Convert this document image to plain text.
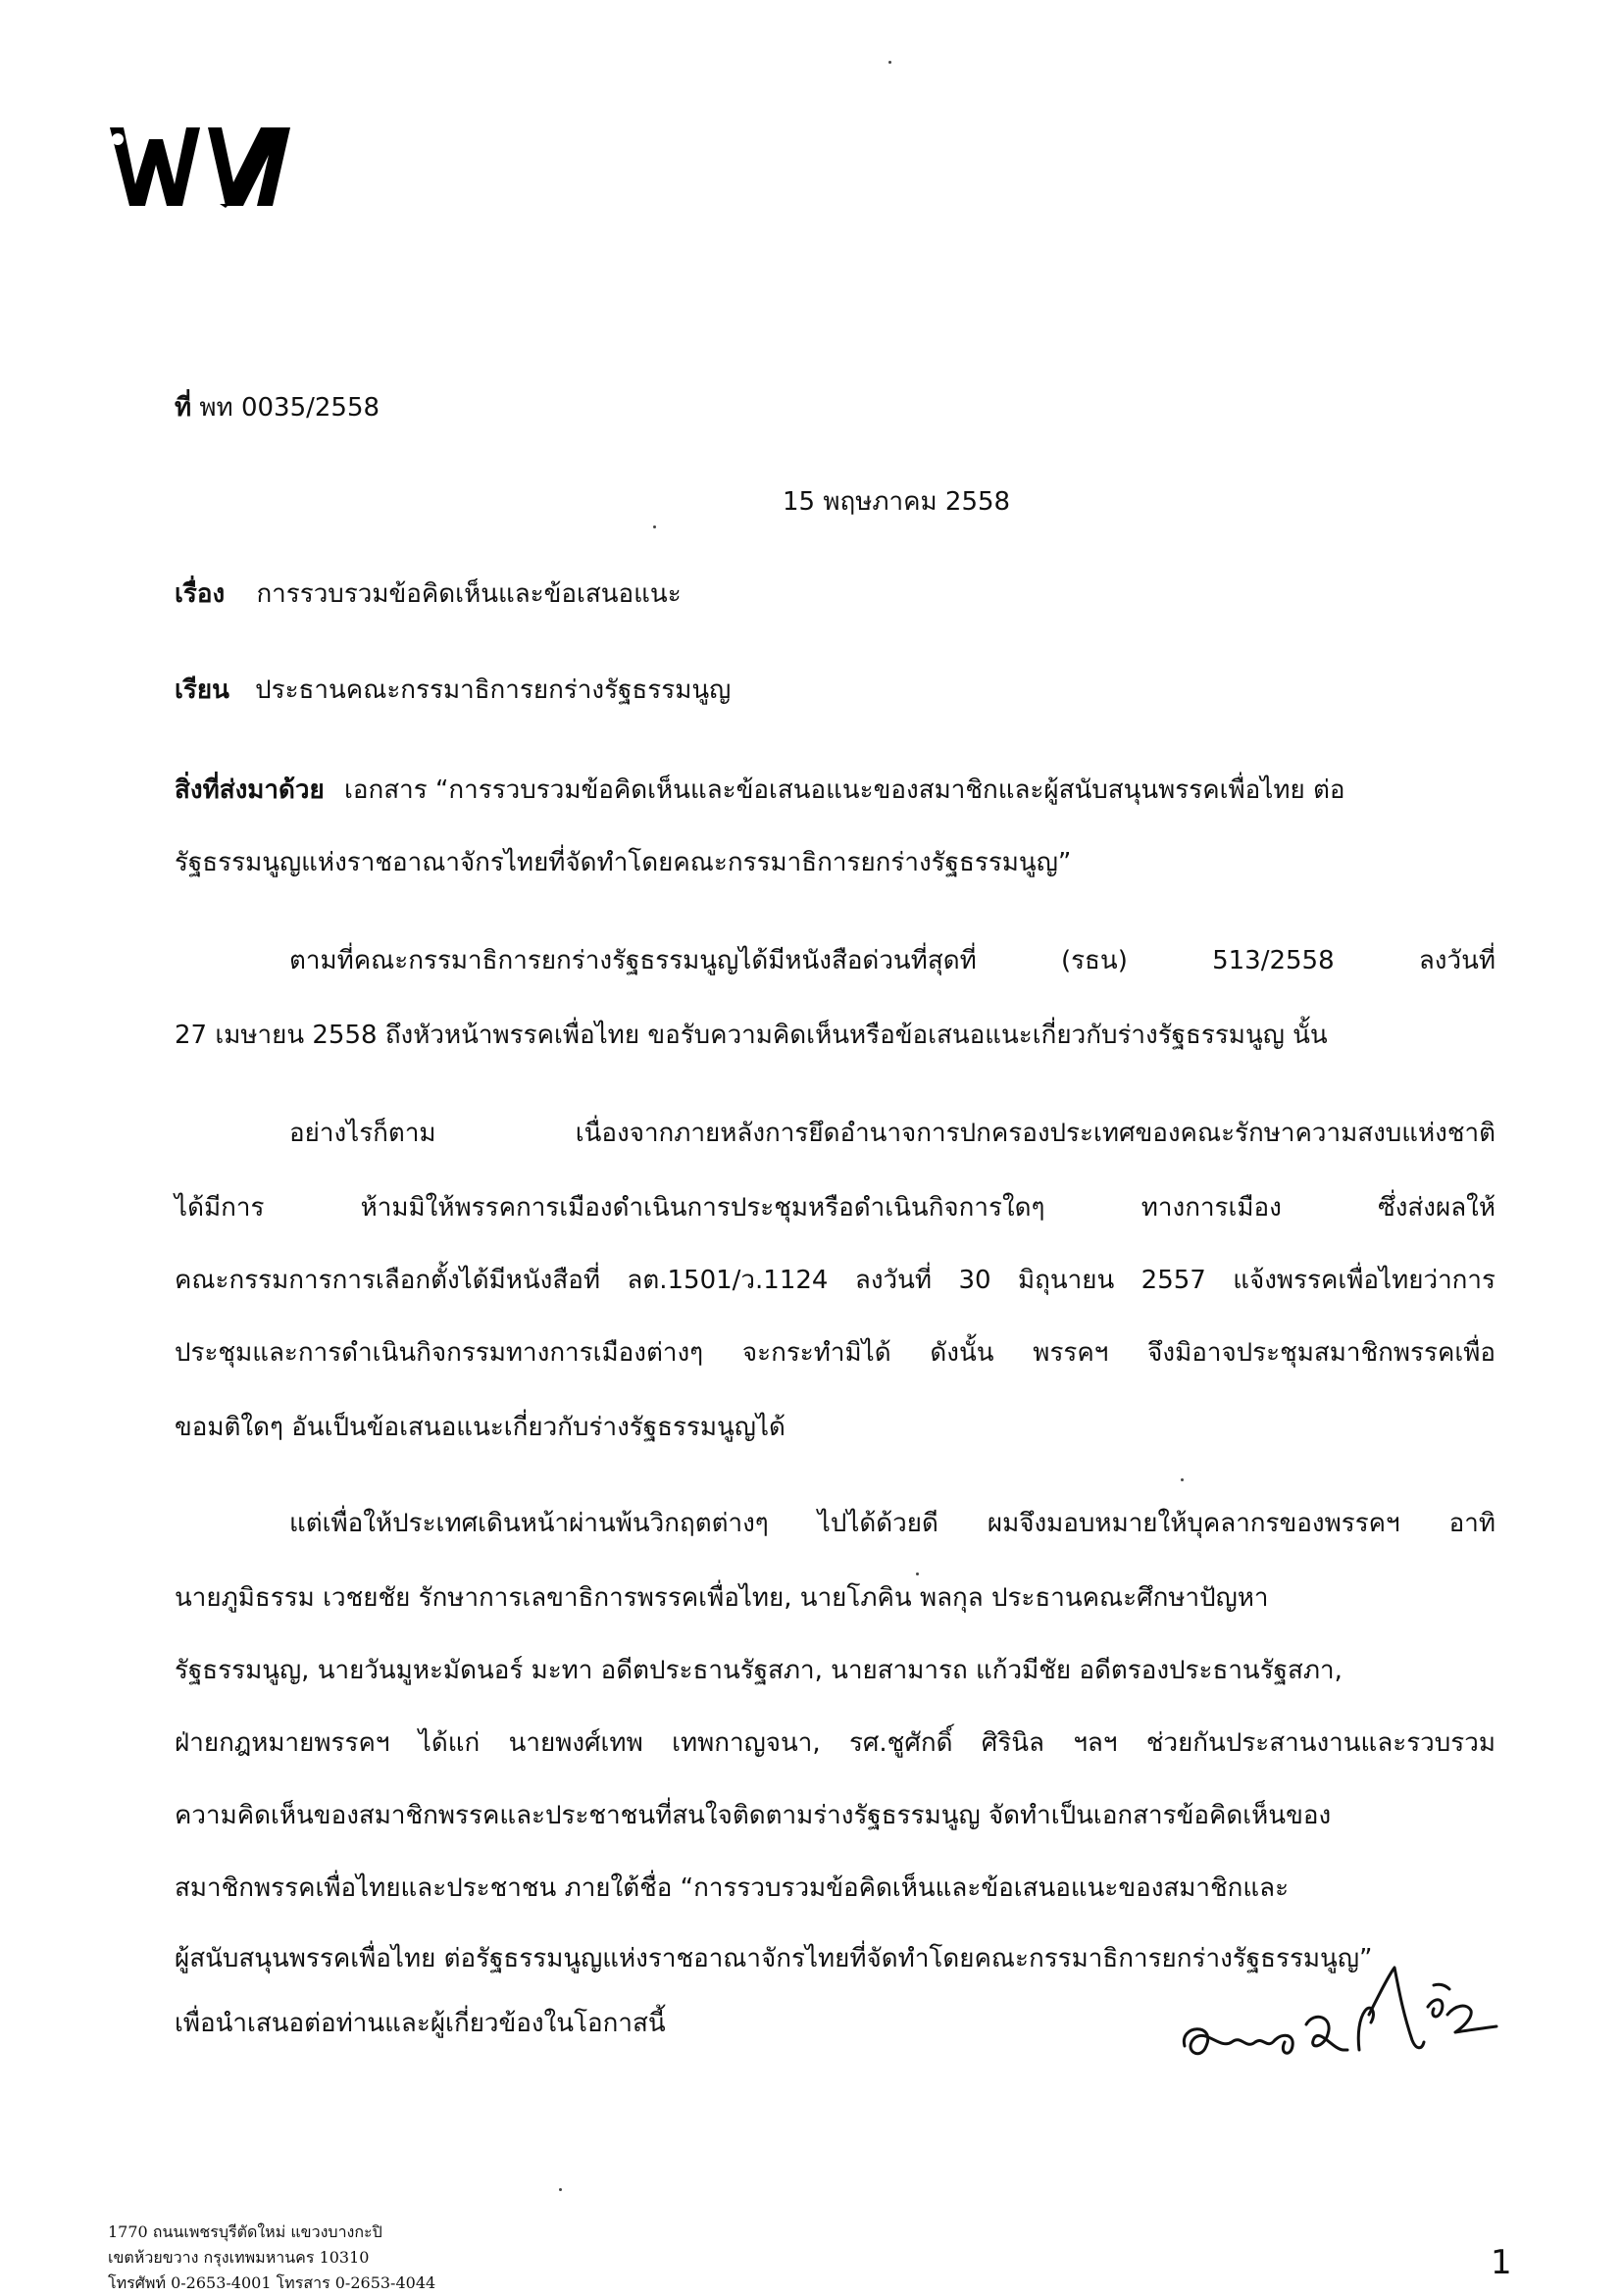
ที่ พท 0035/2558
15 พฤษภาคม 2558
เรื่อง การรวบรวมข้อคิดเห็นและข้อเสนอแนะ
เรียน ประธานคณะกรรมาธิการยกร่างรัฐธรรมนูญ
สิ่งที่ส่งมาด้วย เอกสาร “การรวบรวมข้อคิดเห็นและข้อเสนอแนะของสมาชิกและผู้สนับสนุนพรรคเพื่อไทย ต่อ
รัฐธรรมนูญแห่งราชอาณาจักรไทยที่จัดทำโดยคณะกรรมาธิการยกร่างรัฐธรรมนูญ”
ตามที่คณะกรรมาธิการยกร่างรัฐธรรมนูญได้มีหนังสือด่วนที่สุดที่ (รธน) 513/2558 ลงวันที่
27 เมษายน 2558 ถึงหัวหน้าพรรคเพื่อไทย ขอรับความคิดเห็นหรือข้อเสนอแนะเกี่ยวกับร่างรัฐธรรมนูญ นั้น
อย่างไรก็ตาม เนื่องจากภายหลังการยึดอำนาจการปกครองประเทศของคณะรักษาความสงบแห่งชาติ
ได้มีการ ห้ามมิให้พรรคการเมืองดำเนินการประชุมหรือดำเนินกิจการใดๆ ทางการเมือง ซึ่งส่งผลให้
คณะกรรมการการเลือกตั้งได้มีหนังสือที่ ลต.1501/ว.1124 ลงวันที่ 30 มิถุนายน 2557 แจ้งพรรคเพื่อไทยว่าการ
ประชุมและการดำเนินกิจกรรมทางการเมืองต่างๆ จะกระทำมิได้ ดังนั้น พรรคฯ จึงมิอาจประชุมสมาชิกพรรคเพื่อ
ขอมติใดๆ อันเป็นข้อเสนอแนะเกี่ยวกับร่างรัฐธรรมนูญได้
แต่เพื่อให้ประเทศเดินหน้าผ่านพ้นวิกฤตต่างๆ ไปได้ด้วยดี ผมจึงมอบหมายให้บุคลากรของพรรคฯ อาทิ
นายภูมิธรรม เวชยชัย รักษาการเลขาธิการพรรคเพื่อไทย, นายโภคิน พลกุล ประธานคณะศึกษาปัญหา
รัฐธรรมนูญ, นายวันมูหะมัดนอร์ มะทา อดีตประธานรัฐสภา, นายสามารถ แก้วมีชัย อดีตรองประธานรัฐสภา,
ฝ่ายกฎหมายพรรคฯ ได้แก่ นายพงศ์เทพ เทพกาญจนา, รศ.ชูศักดิ์ ศิรินิล ฯลฯ ช่วยกันประสานงานและรวบรวม
ความคิดเห็นของสมาชิกพรรคและประชาชนที่สนใจติดตามร่างรัฐธรรมนูญ จัดทำเป็นเอกสารข้อคิดเห็นของ
สมาชิกพรรคเพื่อไทยและประชาชน ภายใต้ชื่อ “การรวบรวมข้อคิดเห็นและข้อเสนอแนะของสมาชิกและ
ผู้สนับสนุนพรรคเพื่อไทย ต่อรัฐธรรมนูญแห่งราชอาณาจักรไทยที่จัดทำโดยคณะกรรมาธิการยกร่างรัฐธรรมนูญ”
เพื่อนำเสนอต่อท่านและผู้เกี่ยวข้องในโอกาสนี้
1770 ถนนเพชรบุรีตัดใหม่ แขวงบางกะปิ
เขตห้วยขวาง กรุงเทพมหานคร 10310
โทรศัพท์ 0-2653-4001 โทรสาร 0-2653-4044
1
